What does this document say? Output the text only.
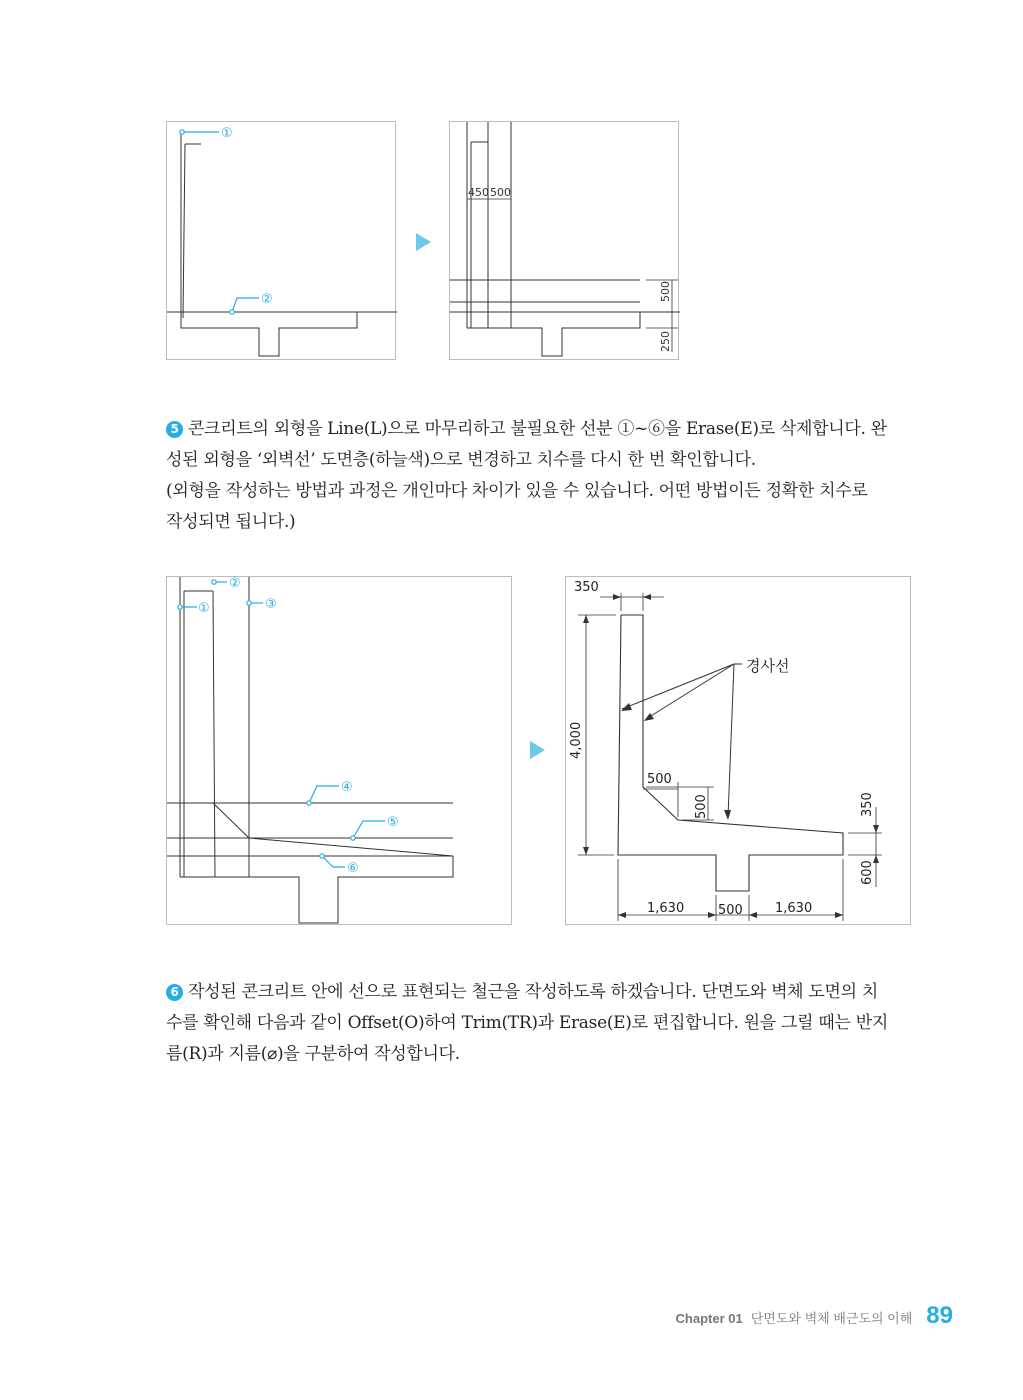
①
②
450 500
500
250

5 콘크리트의 외형을 Line(L)으로 마무리하고 불필요한 선분 ①~⑥을 Erase(E)로 삭제합니다. 완

성된 외형을 ‘외벽선’ 도면층(하늘색)으로 변경하고 치수를 다시 한 번 확인합니다.

(외형을 작성하는 방법과 과정은 개인마다 차이가 있을 수 있습니다. 어떤 방법이든 정확한 치수로

작성되면 됩니다.)

①
②
③
④
⑤
⑥
350
4,000
500
500	350
600
1,630	500 1,630
경사선

6 작성된 콘크리트 안에 선으로 표현되는 철근을 작성하도록 하겠습니다. 단면도와 벽체 도면의 치

수를 확인해 다음과 같이 Offset(O)하여 Trim(TR)과 Erase(E)로 편집합니다. 원을 그릴 때는 반지

름(R)과 지름(⌀)을 구분하여 작성합니다.

Chapter 01 단면도와 벽체 배근도의 이해 89
